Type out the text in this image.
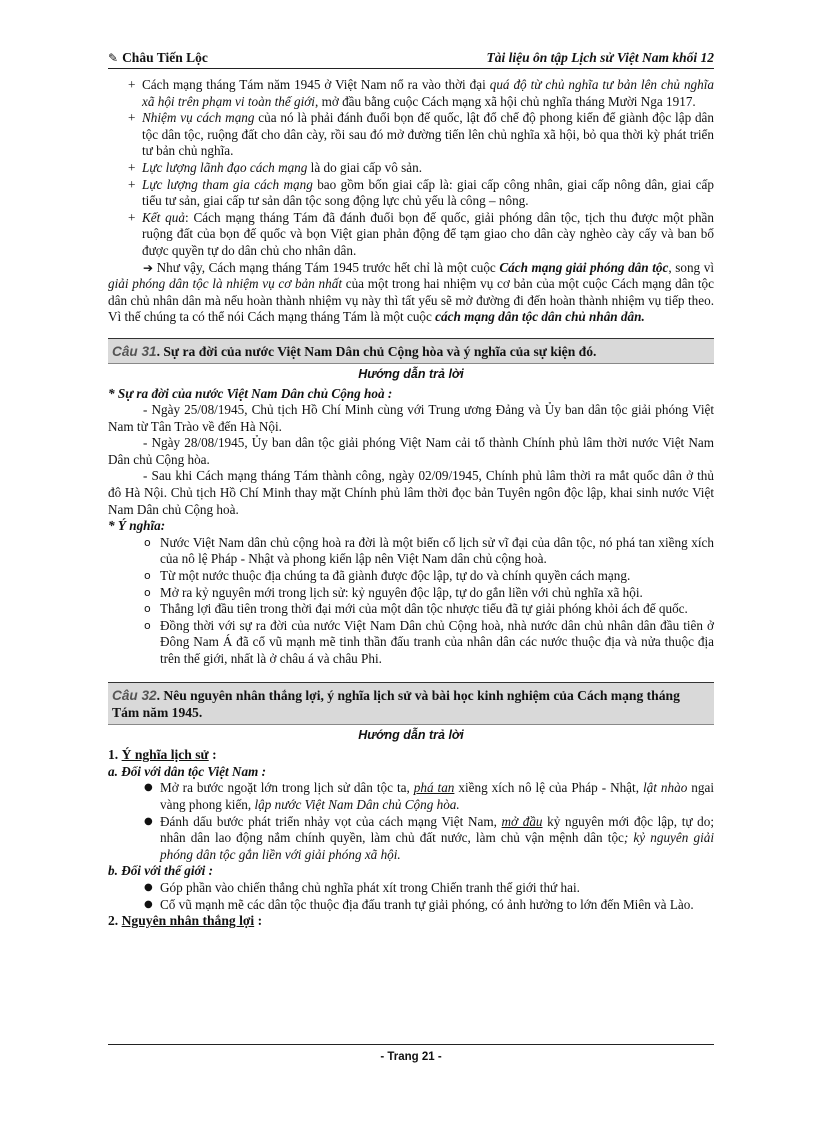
✎ Châu Tiến Lộc	Tài liệu ôn tập Lịch sử Việt Nam khối 12
+ Cách mạng tháng Tám năm 1945 ở Việt Nam nổ ra vào thời đại quá độ từ chủ nghĩa tư bản lên chủ nghĩa xã hội trên phạm vi toàn thế giới, mở đầu bằng cuộc Cách mạng xã hội chủ nghĩa tháng Mười Nga 1917.
+ Nhiệm vụ cách mạng của nó là phải đánh đuổi bọn đế quốc, lật đổ chế độ phong kiến để giành độc lập dân tộc dân tộc, ruộng đất cho dân cày, rồi sau đó mở đường tiến lên chủ nghĩa xã hội, bỏ qua thời kỳ phát triển tư bản chủ nghĩa.
+ Lực lượng lãnh đạo cách mạng là do giai cấp vô sản.
+ Lực lượng tham gia cách mạng bao gồm bốn giai cấp là: giai cấp công nhân, giai cấp nông dân, giai cấp tiểu tư sản, giai cấp tư sản dân tộc song động lực chủ yếu là công – nông.
+ Kết quả: Cách mạng tháng Tám đã đánh đuổi bọn đế quốc, giải phóng dân tộc, tịch thu được một phần ruộng đất của bọn đế quốc và bọn Việt gian phản động để tạm giao cho dân cày nghèo cày cấy và ban bố được quyền tự do dân chủ cho nhân dân.

➔ Như vậy, Cách mạng tháng Tám 1945 trước hết chỉ là một cuộc Cách mạng giải phóng dân tộc, song vì giải phóng dân tộc là nhiệm vụ cơ bản nhất của một trong hai nhiệm vụ cơ bản của một cuộc Cách mạng dân tộc dân chủ nhân dân mà nếu hoàn thành nhiệm vụ này thì tất yếu sẽ mở đường đi đến hoàn thành nhiệm vụ tiếp theo. Vì thế chúng ta có thể nói Cách mạng tháng Tám là một cuộc cách mạng dân tộc dân chủ nhân dân.

Câu 31. Sự ra đời của nước Việt Nam Dân chủ Cộng hòa và ý nghĩa của sự kiện đó.
Hướng dẫn trả lời

* Sự ra đời của nước Việt Nam Dân chủ Cộng hoà :

- Ngày 25/08/1945, Chủ tịch Hồ Chí Minh cùng với Trung ương Đảng và Ủy ban dân tộc giải phóng Việt Nam từ Tân Trào về đến Hà Nội.

- Ngày 28/08/1945, Ủy ban dân tộc giải phóng Việt Nam cải tổ thành Chính phủ lâm thời nước Việt Nam Dân chủ Cộng hòa.

- Sau khi Cách mạng tháng Tám thành công, ngày 02/09/1945, Chính phủ lâm thời ra mắt quốc dân ở thủ đô Hà Nội. Chủ tịch Hồ Chí Minh thay mặt Chính phủ lâm thời đọc bản Tuyên ngôn độc lập, khai sinh nước Việt Nam Dân chủ Cộng hoà.

* Ý nghĩa:

o Nước Việt Nam dân chủ cộng hoà ra đời là một biến cố lịch sử vĩ đại của dân tộc, nó phá tan xiềng xích của nô lệ Pháp - Nhật và phong kiến lập nên Việt Nam dân chủ cộng hoà.
o Từ một nước thuộc địa chúng ta đã giành được độc lập, tự do và chính quyền cách mạng.
o Mở ra kỷ nguyên mới trong lịch sử: kỷ nguyên độc lập, tự do gắn liền với chủ nghĩa xã hội.
o Thắng lợi đầu tiên trong thời đại mới của một dân tộc nhược tiểu đã tự giải phóng khỏi ách đế quốc.
o Đồng thời với sự ra đời của nước Việt Nam Dân chủ Cộng hoà, nhà nước dân chủ nhân dân đầu tiên ở Đông Nam Á đã cổ vũ mạnh mẽ tinh thần đấu tranh của nhân dân các nước thuộc địa và nửa thuộc địa trên thế giới, nhất là ở châu á và châu Phi.
Câu 32. Nêu nguyên nhân thắng lợi, ý nghĩa lịch sử và bài học kinh nghiệm của Cách mạng tháng Tám năm 1945.
Hướng dẫn trả lời

1. Ý nghĩa lịch sử :

a. Đối với dân tộc Việt Nam :

● Mở ra bước ngoặt lớn trong lịch sử dân tộc ta, phá tan xiềng xích nô lệ của Pháp - Nhật, lật nhào ngai vàng phong kiến, lập nước Việt Nam Dân chủ Cộng hòa.
● Đánh dấu bước phát triển nhảy vọt của cách mạng Việt Nam, mở đầu kỷ nguyên mới độc lập, tự do; nhân dân lao động nắm chính quyền, làm chủ đất nước, làm chủ vận mệnh dân tộc; kỷ nguyên giải phóng dân tộc gắn liền với giải phóng xã hội.

b. Đối với thế giới :

● Góp phần vào chiến thắng chủ nghĩa phát xít trong Chiến tranh thế giới thứ hai.
● Cổ vũ mạnh mẽ các dân tộc thuộc địa đấu tranh tự giải phóng, có ảnh hưởng to lớn đến Miên và Lào.

2. Nguyên nhân thắng lợi :

- Trang 21 -
